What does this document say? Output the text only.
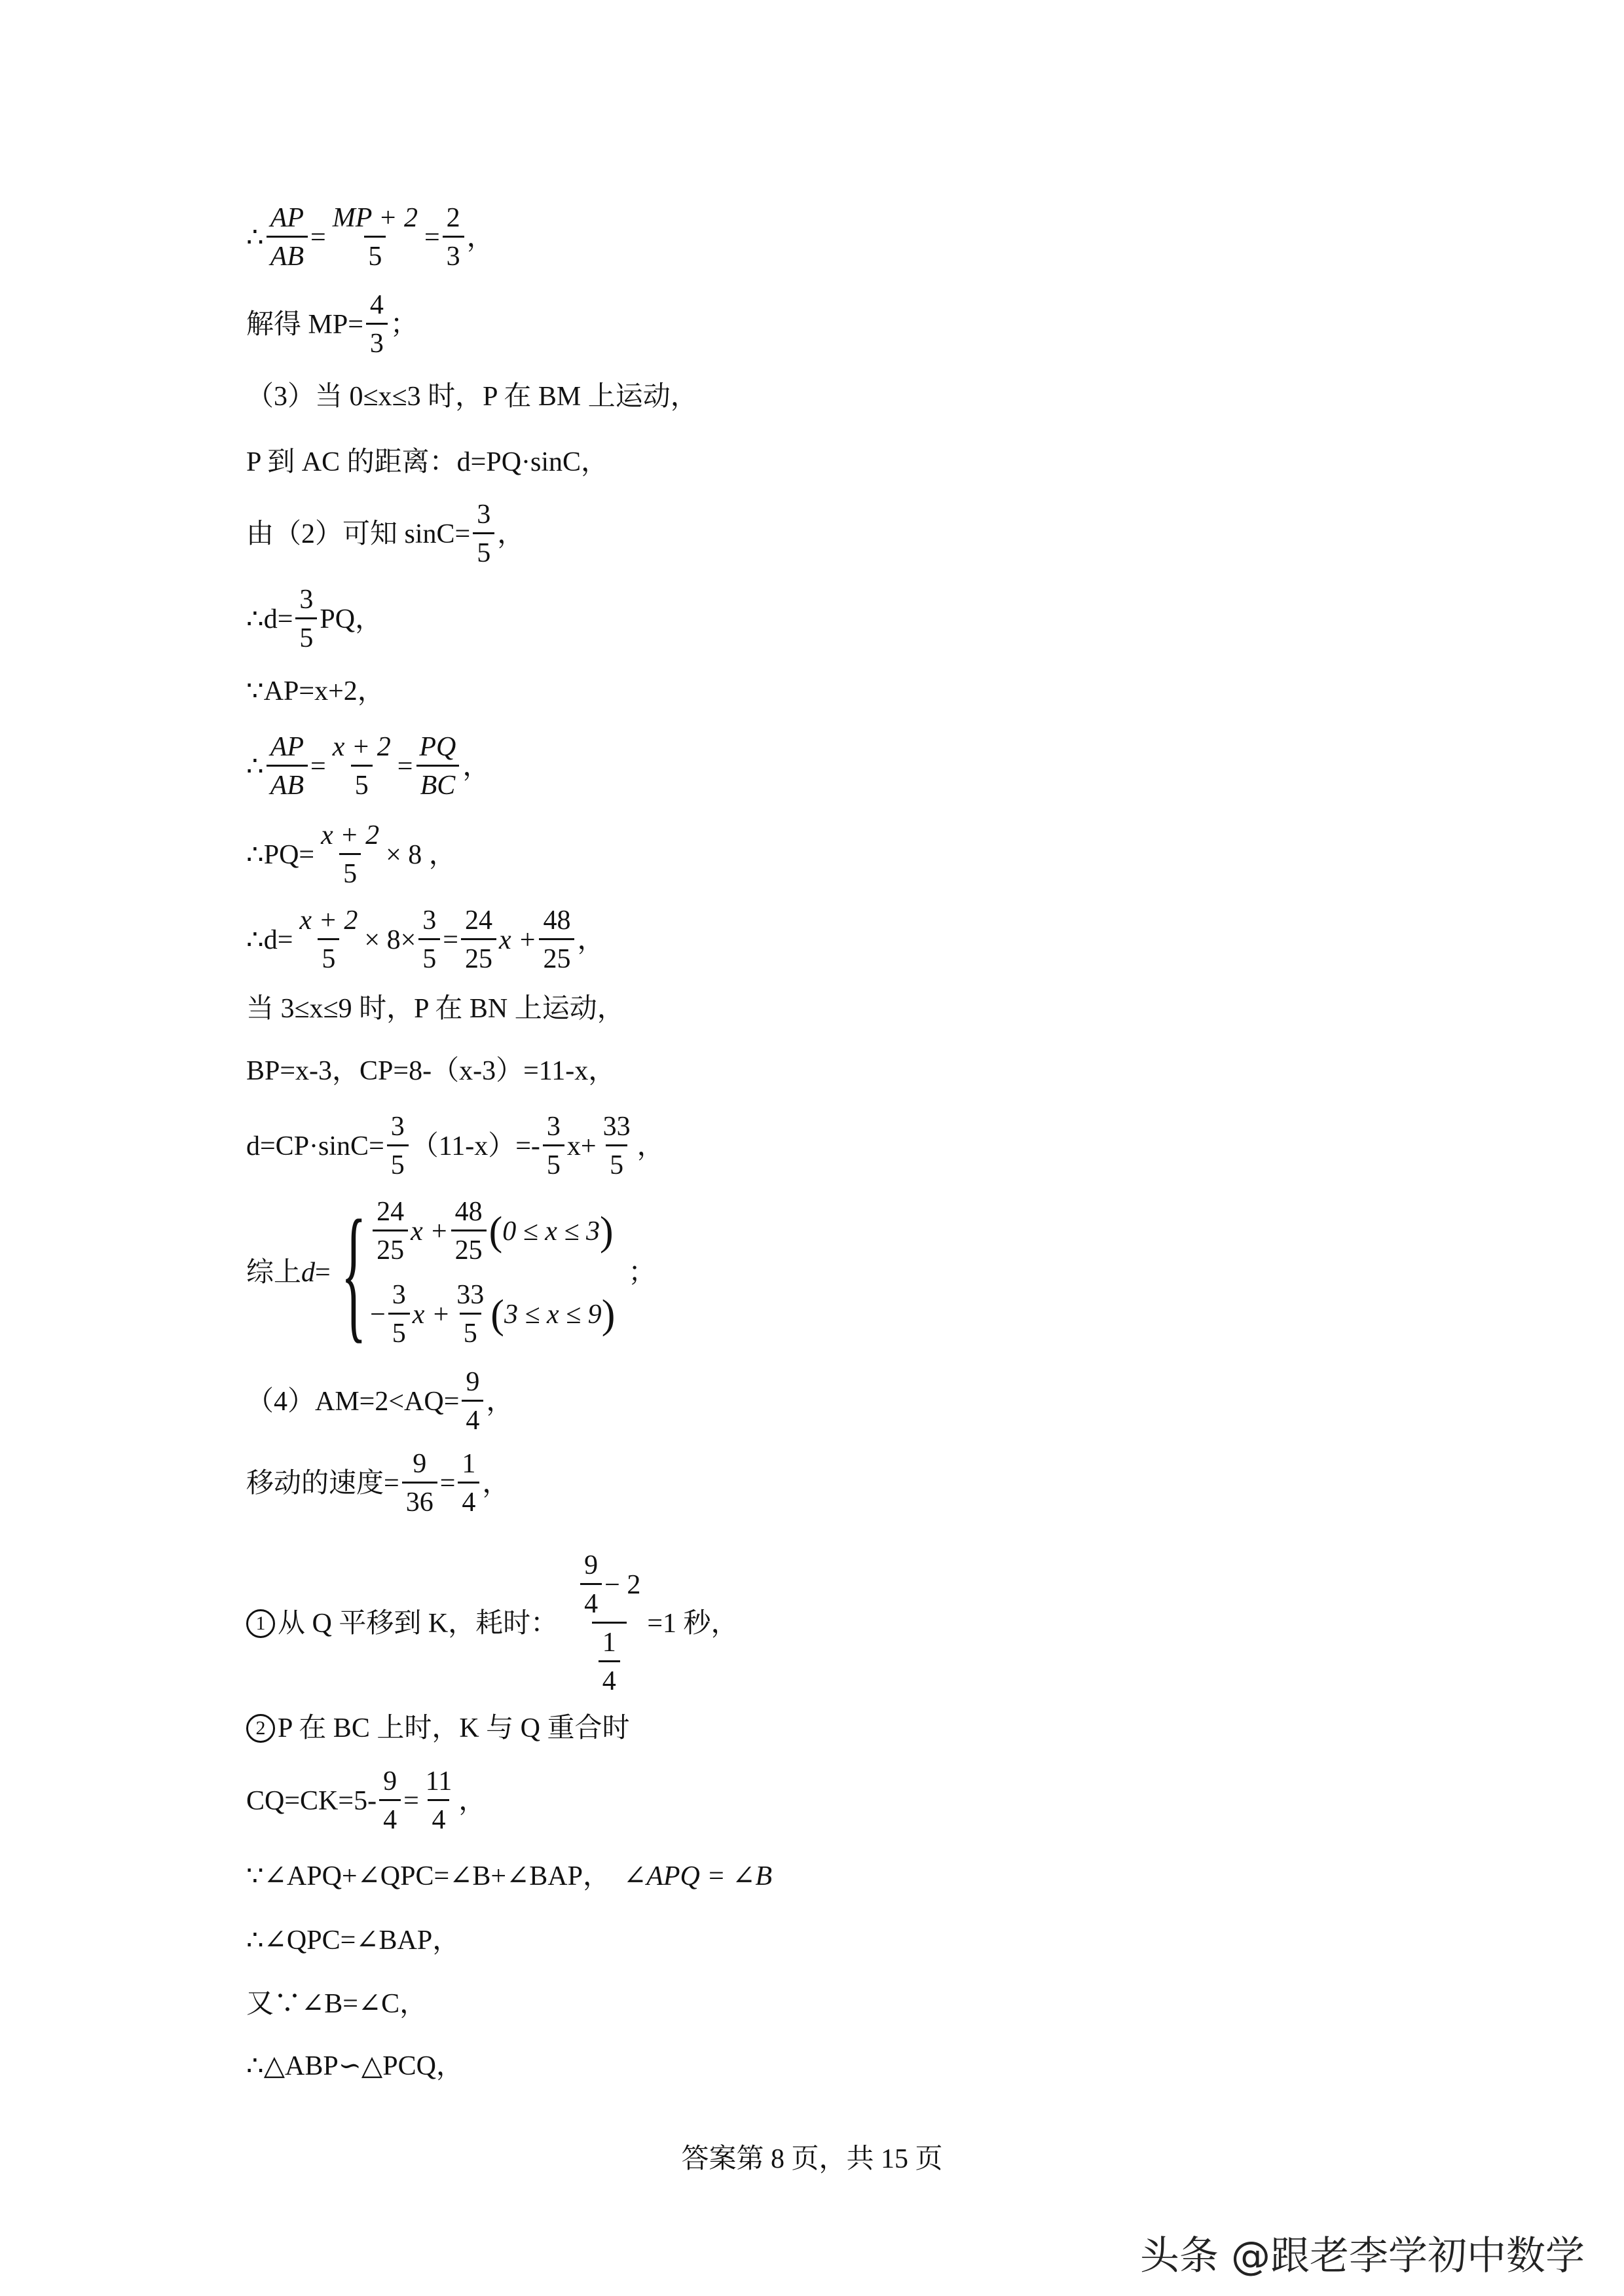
∴ $\frac{AP}{AB} = \frac{MP + 2}{5} = \frac{2}{3}$ ，
解得 $MP= \frac{4}{3}$ ；
（3）当 0≤x≤3 时，P 在 BM 上运动，
P 到 AC 的距离：d=PQ·sinC，
由（2）可知 $\sin C= \frac{3}{5}$ ，
∴d= $\frac{3}{5}$ PQ，
∵AP=x+2，
∴ $\frac{AP}{AB} = \frac{x + 2}{5} = \frac{PQ}{BC}$ ，
∴PQ= $\frac{x + 2}{5} \times 8$ ，
∴d= $\frac{x + 2}{5} \times 8\times \frac{3}{5} = \frac{24}{25}$ $x + \frac{48}{25}$ ，
当 3≤x≤9 时，P 在 BN 上运动，
BP=x-3，CP=8-（x-3）=11-x，
$d=CP\cdot\sin C= \frac{3}{5} (11-x)=- \frac{3}{5} x+ \frac{33}{5}$ ，
综上 d = { $\frac{24}{25}$ $x + \frac{48}{25}$ ( 0 ≤ x ≤ 3 )
− $\frac{3}{5}$ $x + \frac{33}{5}$ ( 3 ≤ x ≤ 9 )
；
$(4)AM=2<AQ= \frac{9}{4}$ ，
移动的速度= $\frac{9}{36} = \frac{1}{4}$ ，
1 从 Q 平移到 K，耗时： $\frac{\frac{9}{4} - 2}{\frac{1}{4}} =1$ 秒，
2 P 在 BC 上时，K 与 Q 重合时
$CQ=CK=5- \frac{9}{4} = \frac{11}{4}$ ，
∵∠APQ+∠QPC=∠B+∠BAP， ∠APQ = ∠B
∴∠QPC=∠BAP，
又∵∠B=∠C，
∴△ABP∽△PCQ，
答案第 8 页，共 15 页
头条 @跟老李学初中数学
